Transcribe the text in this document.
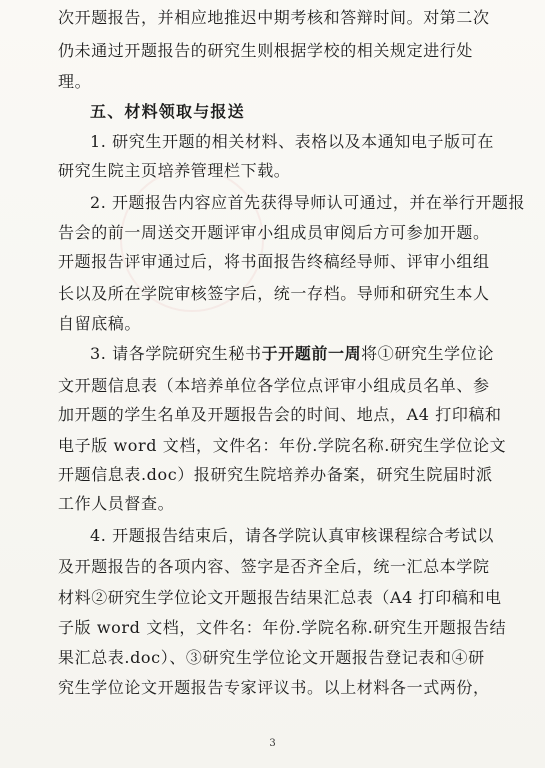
次开题报告，并相应地推迟中期考核和答辩时间。对第二次
仍未通过开题报告的研究生则根据学校的相关规定进行处
理。
五、材料领取与报送
1. 研究生开题的相关材料、表格以及本通知电子版可在
研究生院主页培养管理栏下载。
2. 开题报告内容应首先获得导师认可通过，并在举行开题报
告会的前一周送交开题评审小组成员审阅后方可参加开题。
开题报告评审通过后，将书面报告终稿经导师、评审小组组
长以及所在学院审核签字后，统一存档。导师和研究生本人
自留底稿。
3. 请各学院研究生秘书于开题前一周将①研究生学位论
文开题信息表（本培养单位各学位点评审小组成员名单、参
加开题的学生名单及开题报告会的时间、地点，A4 打印稿和
电子版 word 文档，文件名：年份.学院名称.研究生学位论文
开题信息表.doc）报研究生院培养办备案，研究生院届时派
工作人员督查。
4. 开题报告结束后，请各学院认真审核课程综合考试以
及开题报告的各项内容、签字是否齐全后，统一汇总本学院
材料②研究生学位论文开题报告结果汇总表（A4 打印稿和电
子版 word 文档，文件名：年份.学院名称.研究生开题报告结
果汇总表.doc）、③研究生学位论文开题报告登记表和④研
究生学位论文开题报告专家评议书。以上材料各一式两份，
3
